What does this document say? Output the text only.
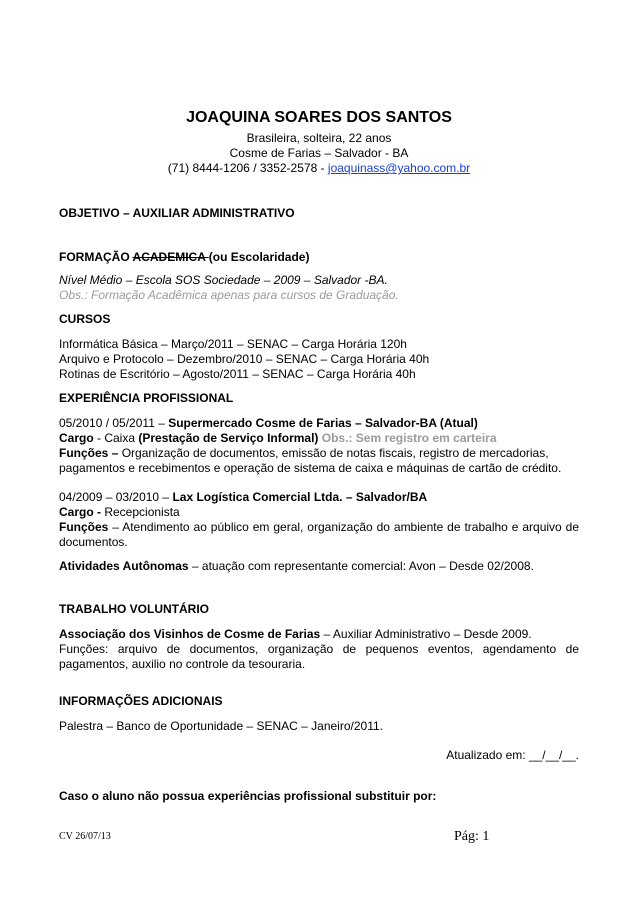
JOAQUINA SOARES DOS SANTOS

Brasileira, solteira, 22 anos

Cosme de Farias – Salvador - BA

(71) 8444-1206 / 3352-2578 - joaquinass@yahoo.com.br

OBJETIVO – AUXILIAR ADMINISTRATIVO

FORMAÇÃO ACADEMICA (ou Escolaridade)

Nível Médio – Escola SOS Sociedade – 2009 – Salvador -BA.

Obs.: Formação Acadêmica apenas para cursos de Graduação.

CURSOS

Informática Básica – Março/2011 – SENAC – Carga Horária 120h

Arquivo e Protocolo – Dezembro/2010 – SENAC – Carga Horária 40h

Rotinas de Escritório – Agosto/2011 – SENAC – Carga Horária 40h

EXPERIÊNCIA PROFISSIONAL

05/2010 / 05/2011 – Supermercado Cosme de Farias – Salvador-BA (Atual)

Cargo - Caixa (Prestação de Serviço Informal) Obs.: Sem registro em carteira

Funções – Organização de documentos, emissão de notas fiscais, registro de mercadorias,

pagamentos e recebimentos e operação de sistema de caixa e máquinas de cartão de crédito.

04/2009 – 03/2010 – Lax Logística Comercial Ltda. – Salvador/BA

Cargo - Recepcionista

Funções – Atendimento ao público em geral, organização do ambiente de trabalho e arquivo de

documentos.

Atividades Autônomas – atuação com representante comercial: Avon – Desde 02/2008.

TRABALHO VOLUNTÁRIO

Associação dos Visinhos de Cosme de Farias – Auxiliar Administrativo – Desde 2009.

Funções: arquivo de documentos, organização de pequenos eventos, agendamento de

pagamentos, auxilio no controle da tesouraria.

INFORMAÇÕES ADICIONAIS

Palestra – Banco de Oportunidade – SENAC – Janeiro/2011.

Atualizado em: __/__/__.

Caso o aluno não possua experiências profissional substituir por:

CV 26/07/13	Pág: 1
